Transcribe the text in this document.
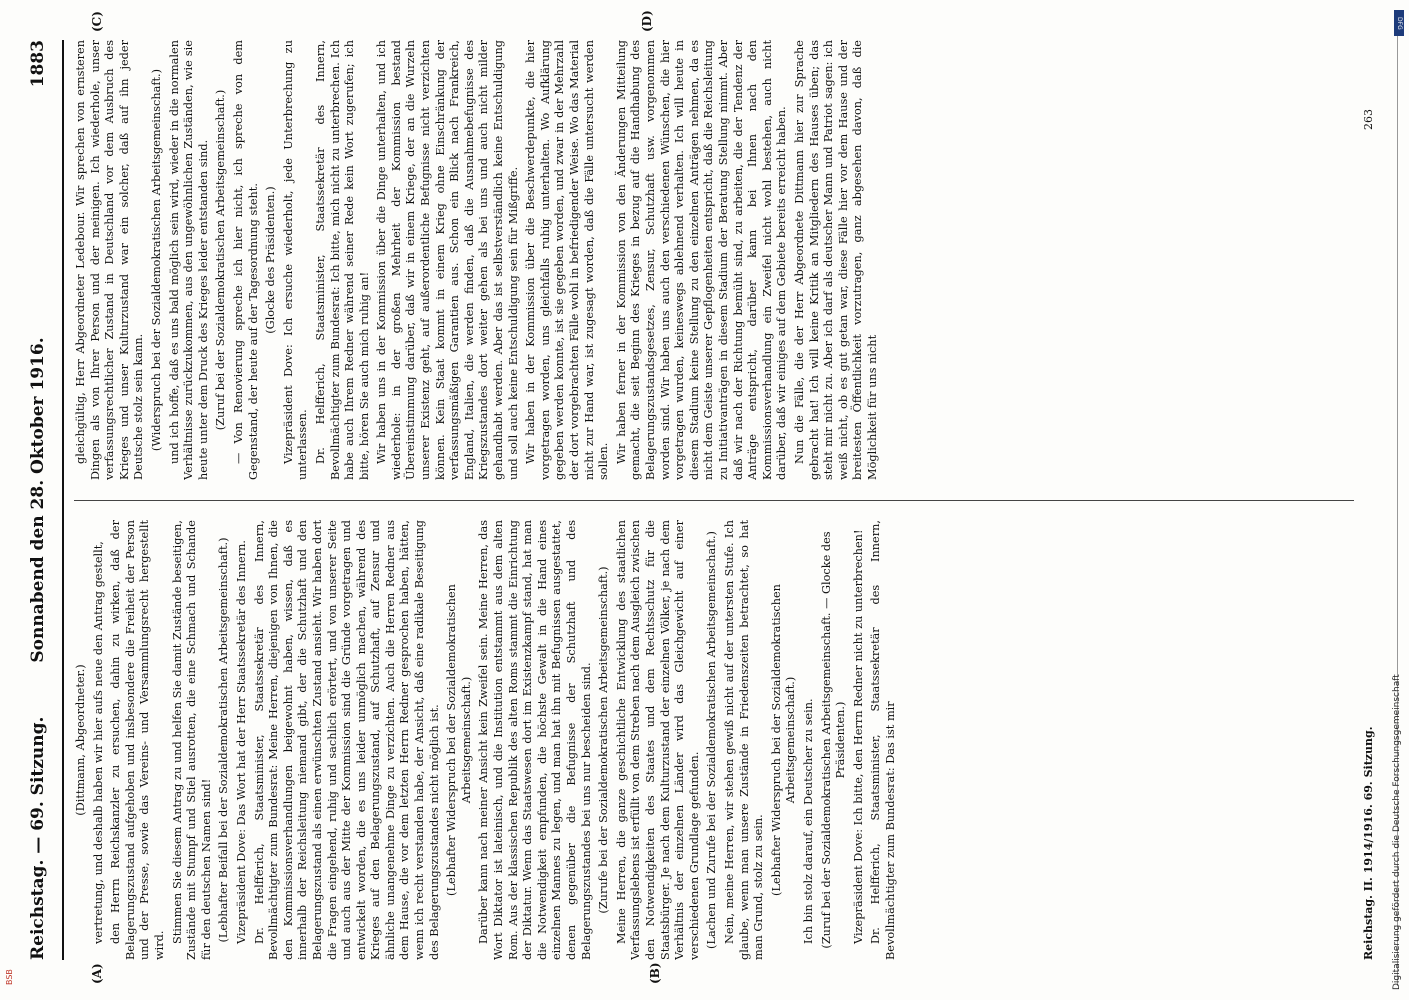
Reichstag. — 69. Sitzung.
Sonnabend den 28. Oktober 1916.
1883
(A)	(B)
(C)	(D)

(Dittmann, Abgeordneter.) vertretung, und deshalb haben wir hier aufs neue den Antrag gestellt, den Herrn Reichskanzler zu ersuchen, dahin zu wirken, daß der Belagerungszustand aufgehoben und insbesondere die Freiheit der Person und der Presse, sowie das Vereins- und Versammlungsrecht hergestellt wird.

Stimmen Sie diesem Antrag zu und helfen Sie damit Zustände beseitigen, Zustände mit Stumpf und Stiel ausrotten, die eine Schmach und Schande für den deutschen Namen sind! (Lebhafter Beifall bei der Sozialdemokratischen Arbeitsgemeinschaft.) Vizepräsident Dove: Das Wort hat der Herr Staatssekretär des Innern. Dr. Helfferich, Staatsminister, Staatssekretär des Innern, Bevollmächtigter zum Bundesrat: Meine Herren, diejenigen von Ihnen, die den Kommissionsverhandlungen beigewohnt haben, wissen, daß es innerhalb der Reichsleitung niemand gibt, der die Schutzhaft und den Belagerungszustand als einen erwünschten Zustand ansieht. Wir haben dort die Fragen eingehend, ruhig und sachlich erörtert, und von unserer Seite und auch aus der Mitte der Kommission sind die Gründe vorgetragen und entwickelt worden, die es uns leider unmöglich machen, während des Krieges auf den Belagerungszustand, auf Schutzhaft, auf Zensur und ähnliche unangenehme Dinge zu verzichten. Auch die Herren Redner aus dem Hause, die vor dem letzten Herrn Redner gesprochen haben, hätten, wenn ich recht verstanden habe, der Ansicht, daß eine radikale Beseitigung des Belagerungszustandes nicht möglich ist. (Lebhafter Widerspruch bei der Sozialdemokratischen Arbeitsgemeinschaft.) Darüber kann nach meiner Ansicht kein Zweifel sein. Meine Herren, das Wort Diktator ist lateinisch, und die Institution entstammt aus dem alten Rom. Aus der klassischen Republik des alten Roms stammt die Einrichtung der Diktatur. Wenn das Staatswesen dort im Existenzkampf stand, hat man die Notwendigkeit empfunden, die höchste Gewalt in die Hand eines einzelnen Mannes zu legen, und man hat ihn mit Befugnissen ausgestattet, denen gegenüber die Befugnisse der Schutzhaft und des Belagerungszustandes bei uns nur bescheiden sind. (Zurufe bei der Sozialdemokratischen Arbeitsgemeinschaft.) Meine Herren, die ganze geschichtliche Entwicklung des staatlichen Verfassungslebens ist erfüllt von dem Streben nach dem Ausgleich zwischen den Notwendigkeiten des Staates und dem Rechtsschutz für die Staatsbürger. Je nach dem Kulturzustand der einzelnen Völker, je nach dem Verhältnis der einzelnen Länder wird das Gleichgewicht auf einer verschiedenen Grundlage gefunden. (Lachen und Zurufe bei der Sozialdemokratischen Arbeitsgemeinschaft.) Nein, meine Herren, wir stehen gewiß nicht auf der untersten Stufe. Ich glaube, wenn man unsere Zustände in Friedenszeiten betrachtet, so hat man Grund, stolz zu sein. (Lebhafter Widerspruch bei der Sozialdemokratischen Arbeitsgemeinschaft.) Ich bin stolz darauf, ein Deutscher zu sein. (Zuruf bei der Sozialdemokratischen Arbeitsgemeinschaft. — Glocke des Präsidenten.) Vizepräsident Dove: Ich bitte, den Herrn Redner nicht zu unterbrechen! Dr. Helfferich, Staatsminister, Staatssekretär des Innern, Bevollmächtigter zum Bundesrat: Das ist mir

gleichgültig, Herr Abgeordneter Ledebour. Wir sprechen von ernsteren Dingen als von Ihrer Person und der meinigen. Ich wiederhole, unser verfassungsrechtlicher Zustand in Deutschland vor dem Ausbruch des Krieges und unser Kulturzustand war ein solcher, daß auf ihn jeder Deutsche stolz sein kann. (Widerspruch bei der Sozialdemokratischen Arbeitsgemeinschaft.) und ich hoffe, daß es uns bald möglich sein wird, wieder in die normalen Verhältnisse zurückzukommen, aus den ungewöhnlichen Zuständen, wie sie heute unter dem Druck des Krieges leider entstanden sind. (Zuruf bei der Sozialdemokratischen Arbeitsgemeinschaft.) — Von Renovierung spreche ich hier nicht, ich spreche von dem Gegenstand, der heute auf der Tagesordnung steht. (Glocke des Präsidenten.) Vizepräsident Dove: Ich ersuche wiederholt, jede Unterbrechung zu unterlassen. Dr. Helfferich, Staatsminister, Staatssekretär des Innern, Bevollmächtigter zum Bundesrat: Ich bitte, mich nicht zu unterbrechen. Ich habe auch Ihrem Redner während seiner Rede kein Wort zugerufen; ich bitte, hören Sie auch mich ruhig an! Wir haben uns in der Kommission über die Dinge unterhalten, und ich wiederhole: in der großen Mehrheit der Kommission bestand Übereinstimmung darüber, daß wir in einem Kriege, der an die Wurzeln unserer Existenz geht, auf außerordentliche Befugnisse nicht verzichten können. Kein Staat kommt in einem Krieg ohne Einschränkung der verfassungsmäßigen Garantien aus. Schon ein Blick nach Frankreich, England, Italien, die werden finden, daß die Ausnahmebefugnisse des Kriegszustandes dort weiter gehen als bei uns und auch nicht milder gehandhabt werden. Aber das ist selbstverständlich keine Entschuldigung und soll auch keine Entschuldigung sein für Mißgriffe. Wir haben in der Kommission über die Beschwerdepunkte, die hier vorgetragen worden, uns gleichfalls ruhig unterhalten. Wo Aufklärung gegeben werden konnte, ist sie gegeben worden, und zwar in der Mehrzahl der dort vorgebrachten Fälle wohl in befriedigender Weise. Wo das Material nicht zur Hand war, ist zugesagt worden, daß die Fälle untersucht werden sollen. Wir haben ferner in der Kommission von den Änderungen Mitteilung gemacht, die seit Beginn des Krieges in bezug auf die Handhabung des Belagerungszustandsgesetzes, Zensur, Schutzhaft usw. vorgenommen worden sind. Wir haben uns auch den verschiedenen Wünschen, die hier vorgetragen wurden, keineswegs ablehnend verhalten. Ich will heute in diesem Stadium keine Stellung zu den einzelnen Anträgen nehmen, da es nicht dem Geiste unserer Gepflogenheiten entspricht, daß die Reichsleitung zu Initiativanträgen in diesem Stadium der Beratung Stellung nimmt. Aber daß wir nach der Richtung bemüht sind, zu arbeiten, die der Tendenz der Anträge entspricht, darüber kann bei Ihnen nach den Kommissionsverhandlung ein Zweifel nicht wohl bestehen, auch nicht darüber, daß wir einiges auf dem Gebiete bereits erreicht haben. Nun die Fälle, die der Herr Abgeordnete Dittmann hier zur Sprache gebracht hat! Ich will keine Kritik an Mitgliedern des Hauses üben; das steht mir nicht zu. Aber ich darf als deutscher Mann und Patriot sagen: ich weiß nicht, ob es gut getan war, diese Fälle hier vor dem Hause und der breitesten Öffentlichkeit vorzutragen, ganz abgesehen davon, daß die Möglichkeit für uns nicht

Reichstag. II. 1914/1916. 69. Sitzung.
263
DFG
Digitalisierung gefördert durch die Deutsche Forschungsgemeinschaft
BSB
